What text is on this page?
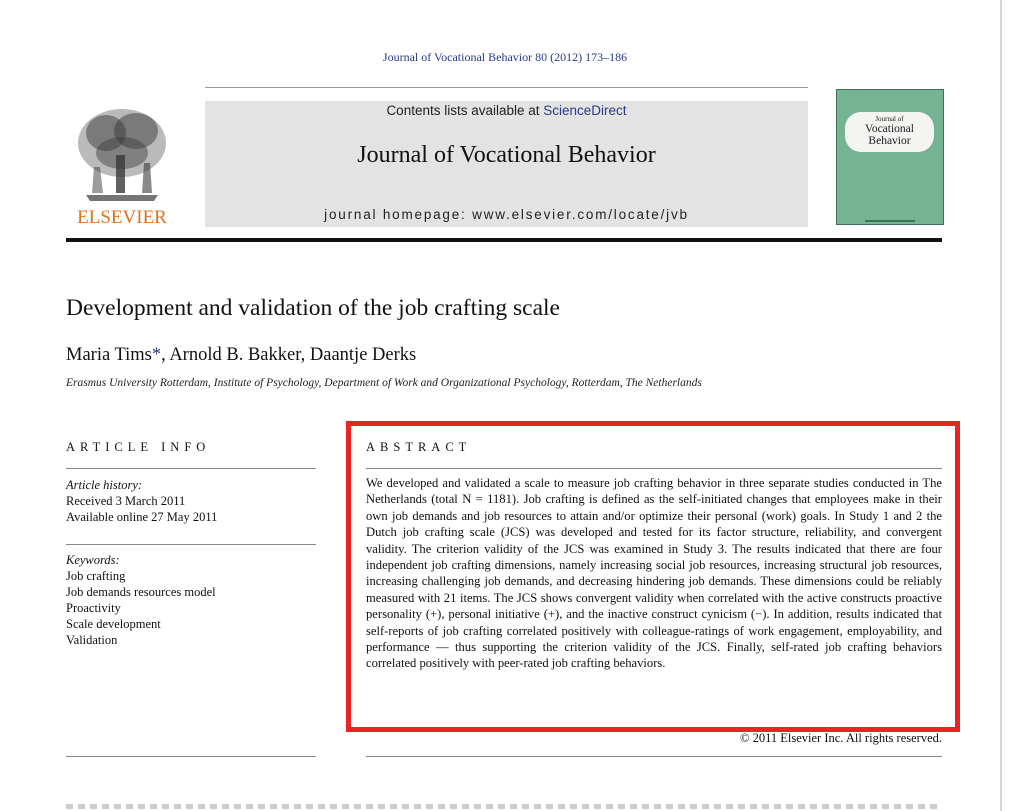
Journal of Vocational Behavior 80 (2012) 173–186
ELSEVIER
Contents lists available at ScienceDirect
Journal of Vocational Behavior
journal homepage: www.elsevier.com/locate/jvb
Journal of
Vocational
Behavior
Development and validation of the job crafting scale
Maria Tims*, Arnold B. Bakker, Daantje Derks
Erasmus University Rotterdam, Institute of Psychology, Department of Work and Organizational Psychology, Rotterdam, The Netherlands
ARTICLE INFO
Article history:
Received 3 March 2011
Available online 27 May 2011
Keywords:
Job crafting
Job demands resources model
Proactivity
Scale development
Validation
ABSTRACT
We developed and validated a scale to measure job crafting behavior in three separate studies conducted in The Netherlands (total N = 1181). Job crafting is defined as the self-initiated changes that employees make in their own job demands and job resources to attain and/or optimize their personal (work) goals. In Study 1 and 2 the Dutch job crafting scale (JCS) was developed and tested for its factor structure, reliability, and convergent validity. The criterion validity of the JCS was examined in Study 3. The results indicated that there are four independent job crafting dimensions, namely increasing social job resources, increasing structural job resources, increasing challenging job demands, and decreasing hindering job demands. These dimensions could be reliably measured with 21 items. The JCS shows convergent validity when correlated with the active constructs proactive personality (+), personal initiative (+), and the inactive construct cynicism (−). In addition, results indicated that self-reports of job crafting correlated positively with colleague-ratings of work engagement, employability, and performance — thus supporting the criterion validity of the JCS. Finally, self-rated job crafting behaviors correlated positively with peer-rated job crafting behaviors.
© 2011 Elsevier Inc. All rights reserved.
